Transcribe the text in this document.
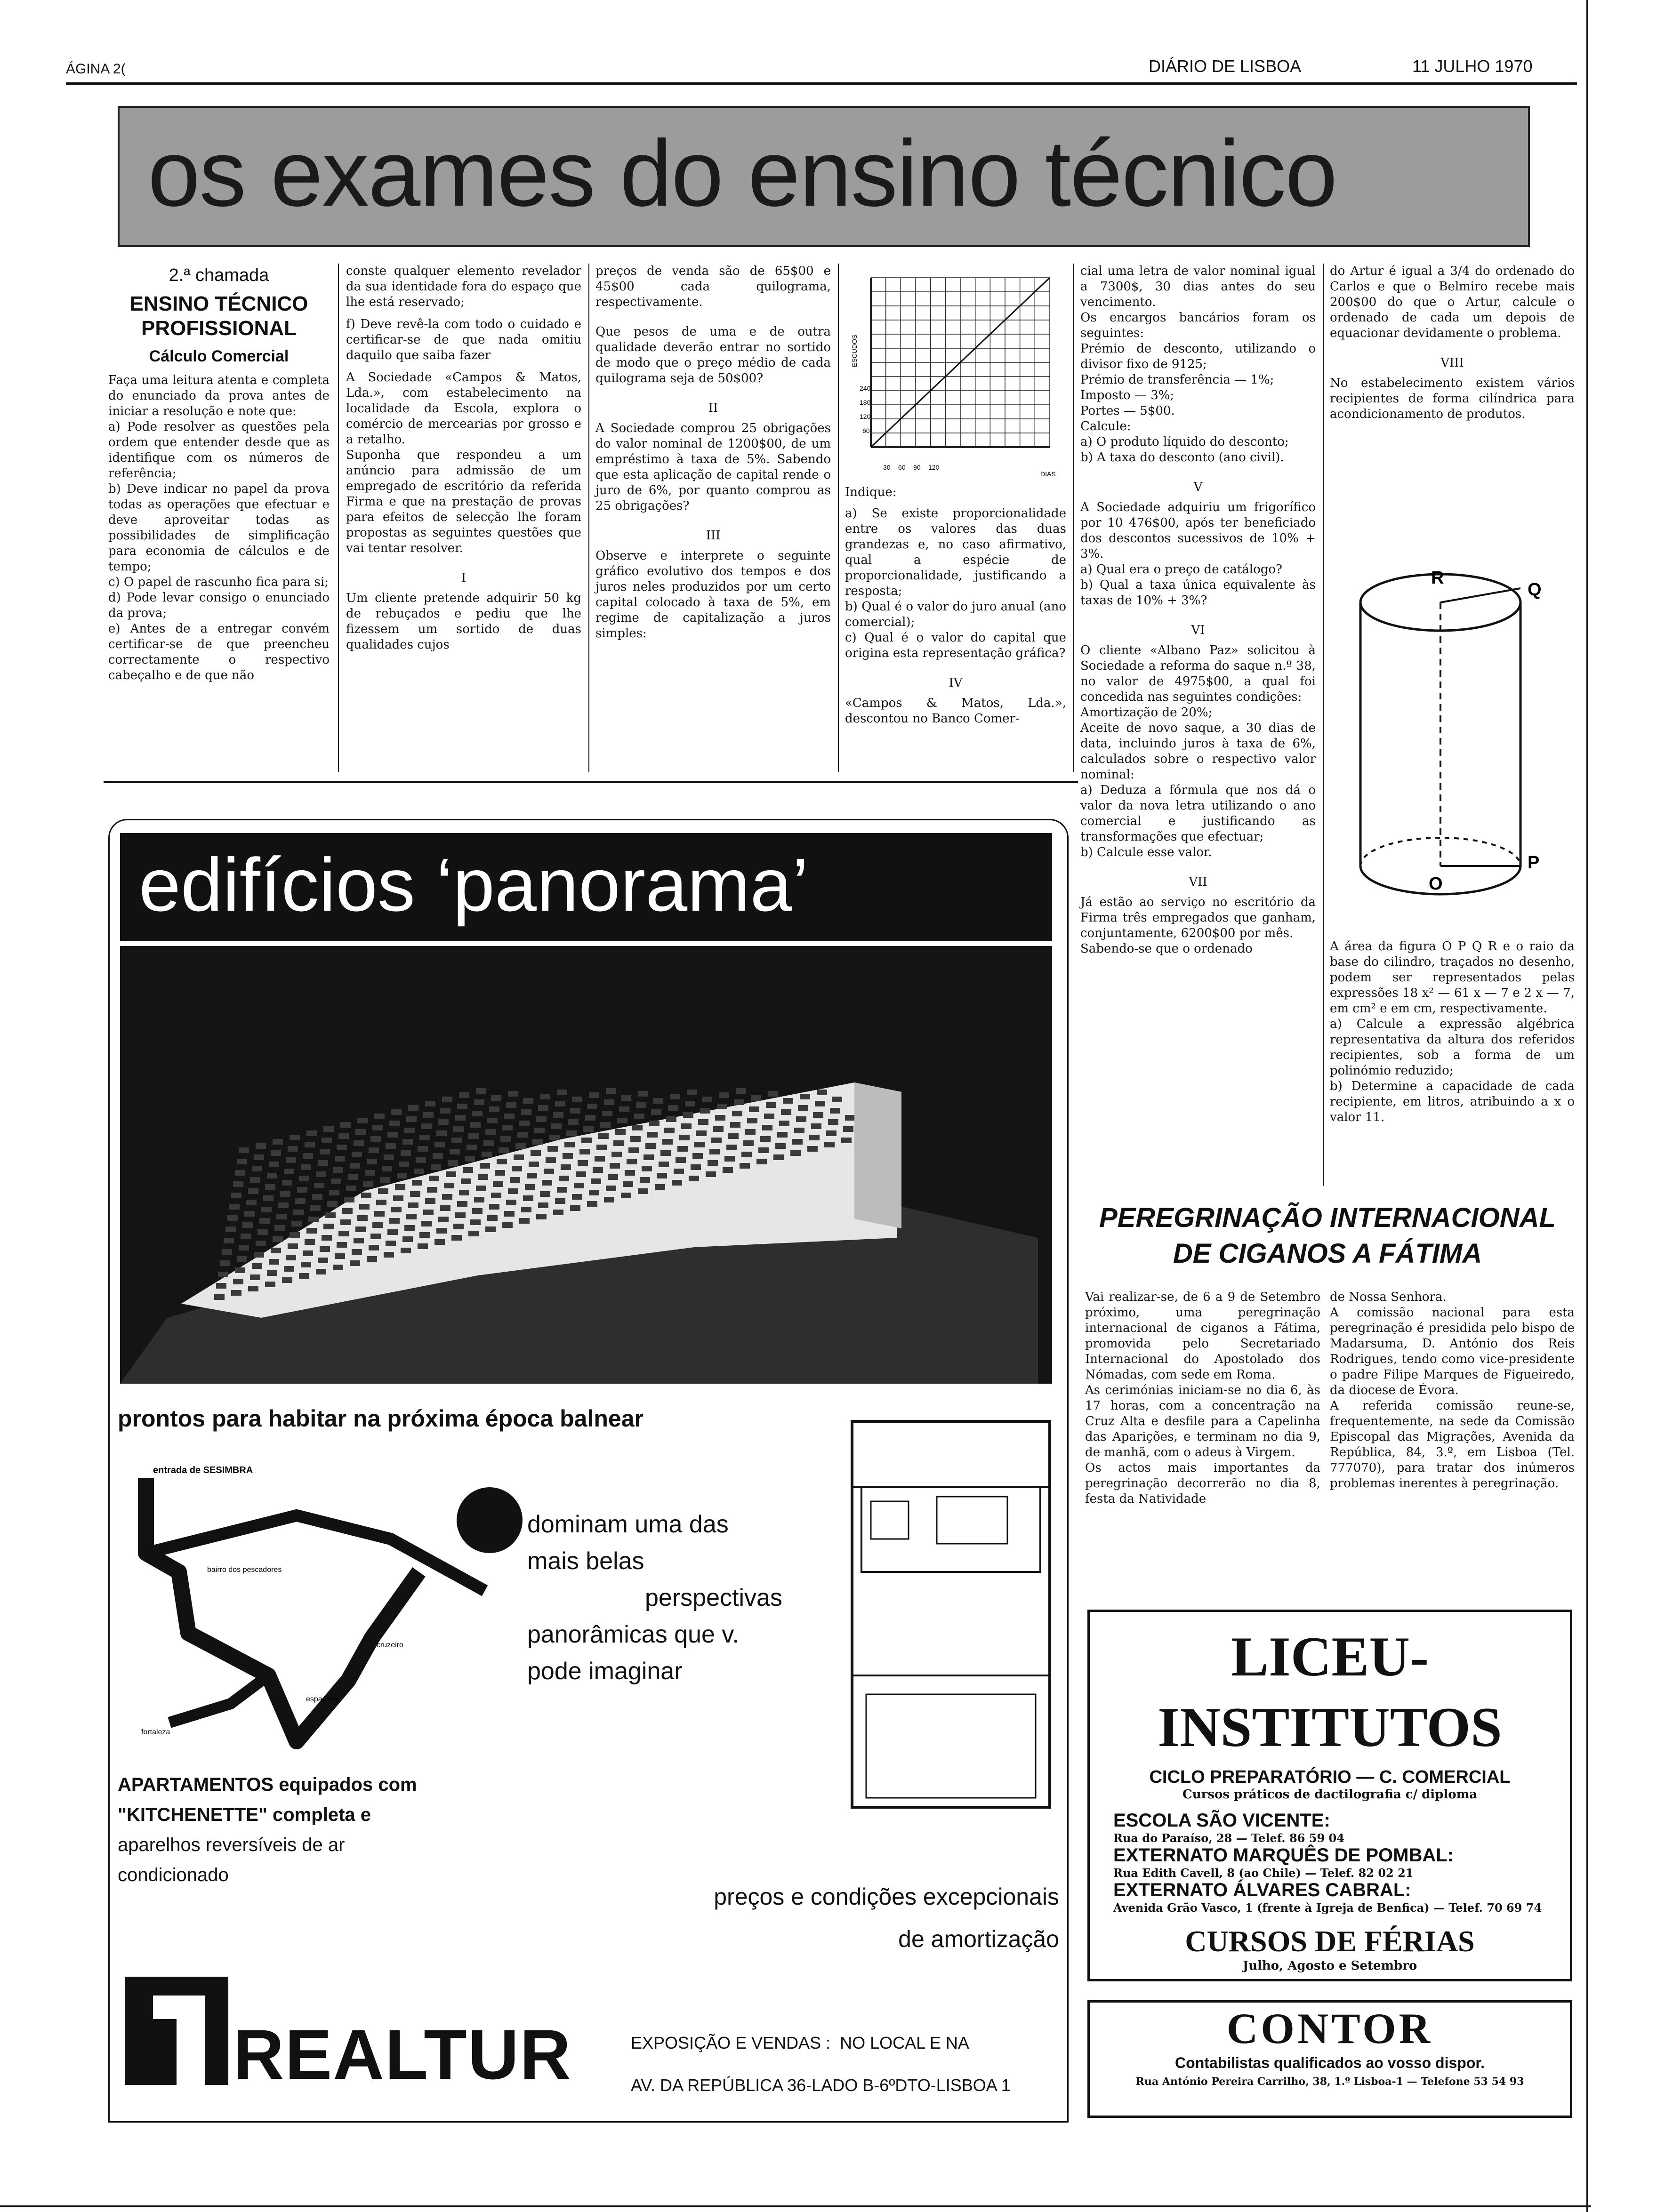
ÁGINA 2(	DIÁRIO DE LISBOA	11 JULHO 1970
os exames do ensino técnico
2.ª chamada
ENSINO TÉCNICO PROFISSIONAL
Cálculo Comercial

Faça uma leitura atenta e completa do enunciado da prova antes de iniciar a resolução e note que:

a) Pode resolver as questões pela ordem que entender desde que as identifique com os números de referência;

b) Deve indicar no papel da prova todas as operações que efectuar e deve aproveitar todas as possibilidades de simplificação para economia de cálculos e de tempo;

c) O papel de rascunho fica para si;

d) Pode levar consigo o enunciado da prova;

e) Antes de a entregar convém certificar-se de que preencheu correctamente o respectivo cabeçalho e de que não

conste qualquer elemento revelador da sua identidade fora do espaço que lhe está reservado;

f) Deve revê-la com todo o cuidado e certificar-se de que nada omitiu daquilo que saiba fazer

A Sociedade «Campos & Matos, Lda.», com estabelecimento na localidade da Escola, explora o comércio de mercearias por grosso e a retalho.

Suponha que respondeu a um anúncio para admissão de um empregado de escritório da referida Firma e que na prestação de provas para efeitos de selecção lhe foram propostas as seguintes questões que vai tentar resolver.

I

Um cliente pretende adquirir 50 kg de rebuçados e pediu que lhe fizessem um sortido de duas qualidades cujos

preços de venda são de 65$00 e 45$00 cada quilograma, respectivamente.

Que pesos de uma e de outra qualidade deverão entrar no sortido de modo que o preço médio de cada quilograma seja de 50$00?

II

A Sociedade comprou 25 obrigações do valor nominal de 1200$00, de um empréstimo à taxa de 5%. Sabendo que esta aplicação de capital rende o juro de 6%, por quanto comprou as 25 obrigações?

III

Observe e interprete o seguinte gráfico evolutivo dos tempos e dos juros neles produzidos por um certo capital colocado à taxa de 5%, em regime de capitalização a juros simples:

ESCUDOS
240
180
120
60
30 60 90 120
DIAS

Indique:

a) Se existe proporcionalidade entre os valores das duas grandezas e, no caso afirmativo, qual a espécie de proporcionalidade, justificando a resposta;

b) Qual é o valor do juro anual (ano comercial);

c) Qual é o valor do capital que origina esta representação gráfica?

IV

«Campos & Matos, Lda.», descontou no Banco Comer-

cial uma letra de valor nominal igual a 7300$, 30 dias antes do seu vencimento.

Os encargos bancários foram os seguintes:

Prémio de desconto, utilizando o divisor fixo de 9125;

Prémio de transferência — 1%;

Imposto — 3%;

Portes — 5$00.

Calcule:

a) O produto líquido do desconto;

b) A taxa do desconto (ano civil).

V

A Sociedade adquiriu um frigorífico por 10 476$00, após ter beneficiado dos descontos sucessivos de 10% + 3%.

a) Qual era o preço de catálogo?

b) Qual a taxa única equivalente às taxas de 10% + 3%?

VI

O cliente «Albano Paz» solicitou à Sociedade a reforma do saque n.º 38, no valor de 4975$00, a qual foi concedida nas seguintes condições:

Amortização de 20%;

Aceite de novo saque, a 30 dias de data, incluindo juros à taxa de 6%, calculados sobre o respectivo valor nominal:

a) Deduza a fórmula que nos dá o valor da nova letra utilizando o ano comercial e justificando as transformações que efectuar;

b) Calcule esse valor.

VII

Já estão ao serviço no escritório da Firma três empregados que ganham, conjuntamente, 6200$00 por mês.

Sabendo-se que o ordenado

do Artur é igual a 3/4 do ordenado do Carlos e que o Belmiro recebe mais 200$00 do que o Artur, calcule o ordenado de cada um depois de equacionar devidamente o problema.

VIII

No estabelecimento existem vários recipientes de forma cilíndrica para acondicionamento de produtos.

R
Q
O
P

A área da figura O P Q R e o raio da base do cilindro, traçados no desenho, podem ser representados pelas expressões 18 x² — 61 x — 7 e 2 x — 7, em cm² e em cm, respectivamente.

a) Calcule a expressão algébrica representativa da altura dos referidos recipientes, sob a forma de um polinómio reduzido;

b) Determine a capacidade de cada recipiente, em litros, atribuindo a x o valor 11.

edifícios ‘panorama’
prontos para habitar na próxima época balnear
entrada de SESIMBRA
bairro dos pescadores
cruzeiro
fortaleza
espadarte
dominam uma das
mais belas
perspectivas
panorâmicas que v.
pode imaginar
APARTAMENTOS equipados com
"KITCHENETTE" completa e
aparelhos reversíveis de ar
condicionado
preços e condições excepcionais
de amortização
REALTUR	EXPOSIÇÃO E VENDAS :  NO LOCAL E NA
AV. DA REPÚBLICA 36-LADO B-6ºDTO-LISBOA 1
PEREGRINAÇÃO INTERNACIONAL
DE CIGANOS A FÁTIMA

Vai realizar-se, de 6 a 9 de Setembro próximo, uma peregrinação internacional de ciganos a Fátima, promovida pelo Secretariado Internacional do Apostolado dos Nómadas, com sede em Roma.

As cerimónias iniciam-se no dia 6, às 17 horas, com a concentração na Cruz Alta e desfile para a Capelinha das Aparições, e terminam no dia 9, de manhã, com o adeus à Virgem.

Os actos mais importantes da peregrinação decorrerão no dia 8, festa da Natividade

de Nossa Senhora.

A comissão nacional para esta peregrinação é presidida pelo bispo de Madarsuma, D. António dos Reis Rodrigues, tendo como vice-presidente o padre Filipe Marques de Figueiredo, da diocese de Évora.

A referida comissão reune-se, frequentemente, na sede da Comissão Episcopal das Migrações, Avenida da República, 84, 3.º, em Lisboa (Tel. 777070), para tratar dos inúmeros problemas inerentes à peregrinação.

LICEU-INSTITUTOS
CICLO PREPARATÓRIO — C. COMERCIAL
Cursos práticos de dactilografia c/ diploma
ESCOLA SÃO VICENTE:
Rua do Paraíso, 28 — Telef. 86 59 04
EXTERNATO MARQUÊS DE POMBAL:
Rua Edith Cavell, 8 (ao Chile) — Telef. 82 02 21
EXTERNATO ÁLVARES CABRAL:
Avenida Grão Vasco, 1 (frente à Igreja de Benfica) — Telef. 70 69 74
CURSOS DE FÉRIAS
Julho, Agosto e Setembro
CONTOR
Contabilistas qualificados ao vosso dispor.
Rua António Pereira Carrilho, 38, 1.º Lisboa-1 — Telefone 53 54 93
